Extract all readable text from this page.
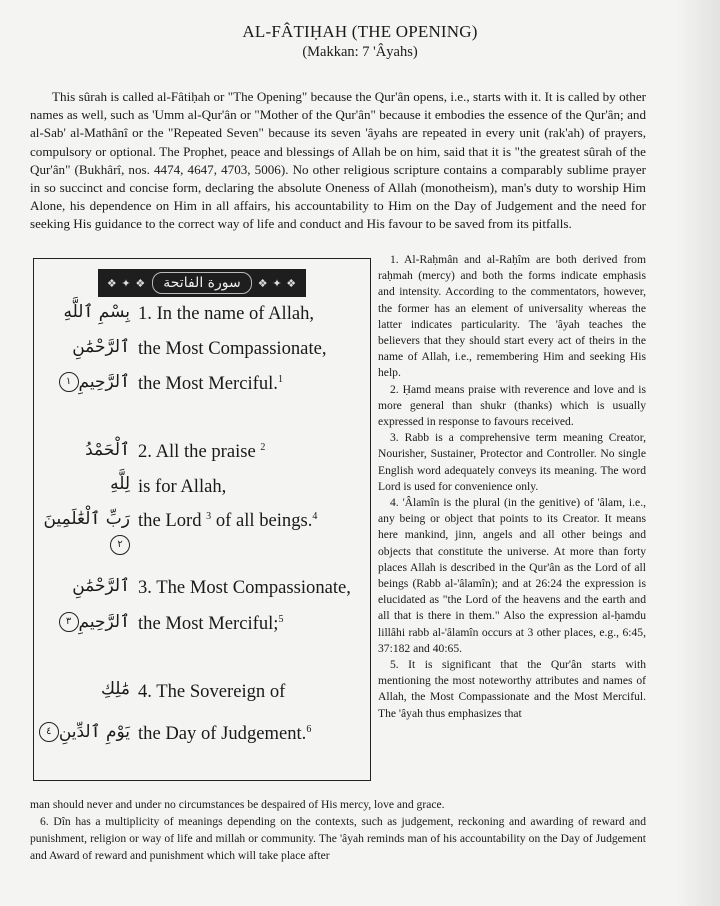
AL-FÂTIḤAH (THE OPENING)
(Makkan: 7 'Âyahs)

This sûrah is called al-Fâtiḥah or "The Opening" because the Qur'ân opens, i.e., starts with it. It is called by other names as well, such as 'Umm al-Qur'ân or "Mother of the Qur'ân" because it embodies the essence of the Qur'ân; and al-Sab' al-Mathânî or the "Repeated Seven" because its seven 'âyahs are repeated in every unit (rak'ah) of prayers, compulsory or optional. The Prophet, peace and blessings of Allah be on him, said that it is "the greatest sûrah of the Qur'ân" (Bukhârî, nos. 4474, 4647, 4703, 5006). No other religious scripture contains a comparably sublime prayer in so succinct and concise form, declaring the absolute Oneness of Allah (monotheism), man's duty to worship Him Alone, his dependence on Him in all affairs, his accountability to Him on the Day of Judgement and the need for seeking His guidance to the correct way of life and conduct and His favour to be saved from its pitfalls.

❖ ✦ ❖	سورة الفاتحة	❖ ✦ ❖
بِسْمِ ٱللَّهِ 1. In the name of Allah,
ٱلرَّحْمَٰنِ the Most Compassionate,
ٱلرَّحِيمِ١	the Most Merciful.$^1$
ٱلْحَمْدُ 2. All the praise $^2$
لِلَّهِ is for Allah,
رَبِّ ٱلْعَٰلَمِينَ the Lord $^3$ of all beings.$^4$
٢
ٱلرَّحْمَٰنِ 3. The Most Compassionate,
ٱلرَّحِيمِ٣	the Most Merciful;$^5$
مَٰلِكِ 4. The Sovereign of
يَوْمِ ٱلدِّينِ٤	the Day of Judgement.$^6$

1. Al-Raḥmân and al-Raḥîm are both derived from raḥmah (mercy) and both the forms indicate emphasis and intensity. According to the commentators, however, the former has an element of universality whereas the latter indicates particularity. The 'âyah teaches the believers that they should start every act of theirs in the name of Allah, i.e., remembering Him and seeking His help.

2. Ḥamd means praise with reverence and love and is more general than shukr (thanks) which is usually expressed in response to favours received.

3. Rabb is a comprehensive term meaning Creator, Nourisher, Sustainer, Protector and Controller. No single English word adequately conveys its meaning. The word Lord is used for convenience only.

4. 'Âlamîn is the plural (in the genitive) of 'âlam, i.e., any being or object that points to its Creator. It means here mankind, jinn, angels and all other beings and objects that constitute the universe. At more than forty places Allah is described in the Qur'ân as the Lord of all beings (Rabb al-'âlamîn); and at 26:24 the expression is elucidated as "the Lord of the heavens and the earth and all that is there in them." Also the expression al-ḥamdu lillâhi rabb al-'âlamîn occurs at 3 other places, e.g., 6:45, 37:182 and 40:65.

5. It is significant that the Qur'ân starts with mentioning the most noteworthy attributes and names of Allah, the Most Compassionate and the Most Merciful. The 'âyah thus emphasizes that

man should never and under no circumstances be despaired of His mercy, love and grace.

6. Dîn has a multiplicity of meanings depending on the contexts, such as judgement, reckoning and awarding of reward and punishment, religion or way of life and millah or community. The 'âyah reminds man of his accountability on the Day of Judgement and Award of reward and punishment which will take place after
